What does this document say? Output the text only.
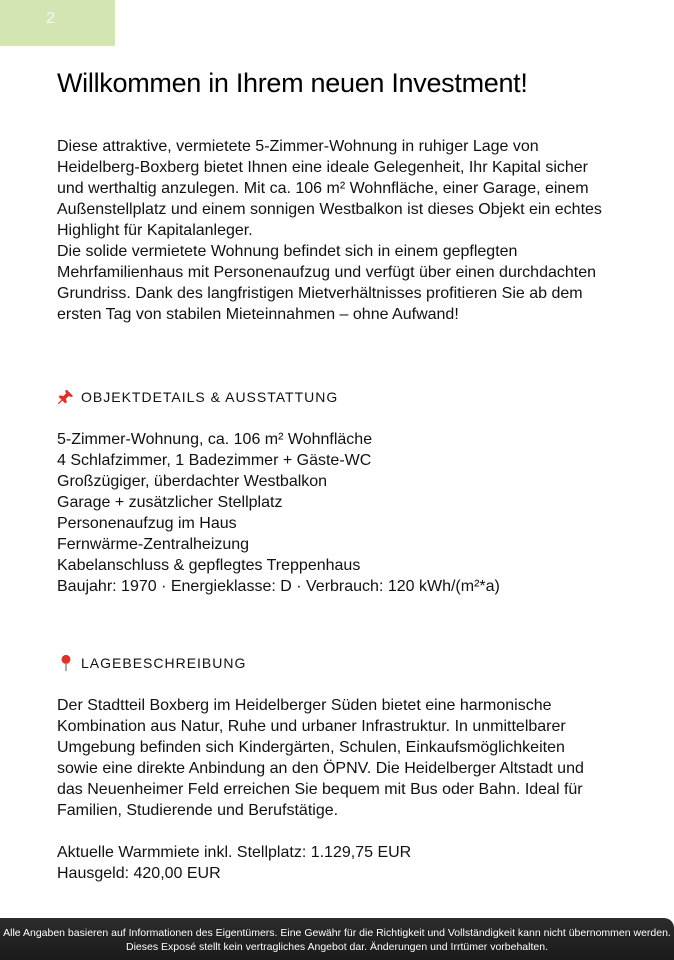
2
Willkommen in Ihrem neuen Investment!
Diese attraktive, vermietete 5-Zimmer-Wohnung in ruhiger Lage von
Heidelberg-Boxberg bietet Ihnen eine ideale Gelegenheit, Ihr Kapital sicher
und werthaltig anzulegen. Mit ca. 106 m² Wohnfläche, einer Garage, einem
Außenstellplatz und einem sonnigen Westbalkon ist dieses Objekt ein echtes
Highlight für Kapitalanleger.
Die solide vermietete Wohnung befindet sich in einem gepflegten
Mehrfamilienhaus mit Personenaufzug und verfügt über einen durchdachten
Grundriss. Dank des langfristigen Mietverhältnisses profitieren Sie ab dem
ersten Tag von stabilen Mieteinnahmen – ohne Aufwand!
OBJEKTDETAILS & AUSSTATTUNG
5-Zimmer-Wohnung, ca. 106 m² Wohnfläche
4 Schlafzimmer, 1 Badezimmer + Gäste-WC
Großzügiger, überdachter Westbalkon
Garage + zusätzlicher Stellplatz
Personenaufzug im Haus
Fernwärme-Zentralheizung
Kabelanschluss & gepflegtes Treppenhaus
Baujahr: 1970 · Energieklasse: D · Verbrauch: 120 kWh/(m²*a)
LAGEBESCHREIBUNG
Der Stadtteil Boxberg im Heidelberger Süden bietet eine harmonische
Kombination aus Natur, Ruhe und urbaner Infrastruktur. In unmittelbarer
Umgebung befinden sich Kindergärten, Schulen, Einkaufsmöglichkeiten
sowie eine direkte Anbindung an den ÖPNV. Die Heidelberger Altstadt und
das Neuenheimer Feld erreichen Sie bequem mit Bus oder Bahn. Ideal für
Familien, Studierende und Berufstätige.
Aktuelle Warmmiete inkl. Stellplatz: 1.129,75 EUR
Hausgeld: 420,00 EUR
Alle Angaben basieren auf Informationen des Eigentümers. Eine Gewähr für die Richtigkeit und Vollständigkeit kann nicht übernommen werden.
Dieses Exposé stellt kein vertragliches Angebot dar. Änderungen und Irrtümer vorbehalten.
